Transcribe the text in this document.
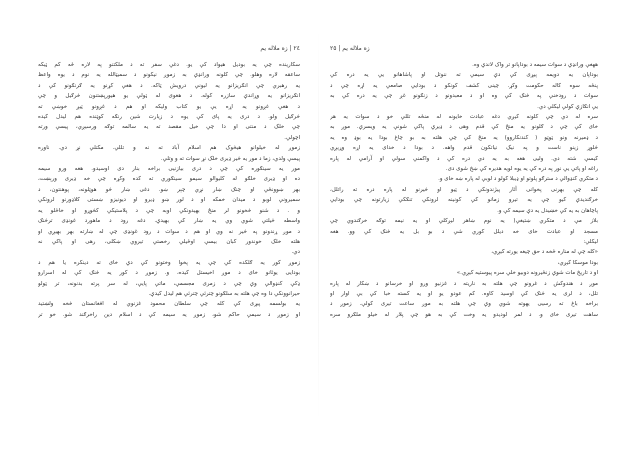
٢٤ | زه ملاله یم

سکارینده چې یه بودیل هیواد کې یو. دغې سفر ته د ملکتنو په لاره ځه کم ټیکه

ساعقه لاره وهلو. چې کلونه ورانډې به زموږ نیکونو د سمیټالله یه نوم د یوه واعظ

یه رهبري چې انګریزانو یه لیوني درویش ټاکه. د هغې کړنو یه ګرنګونو کې د

انګریزانو یه وړاندې سازره کوله. د هغوی له ټولې یو هیورپښتنون څرګیل و چې

د هغې غږونو یه اړه یې یو کتاب ولیکه او هم د غږونو ټیږ خوښي ته

څرګیل ولو. د دری یه پای کې یوه د زیارت شین رنګه کوټنده هم لیدل کیده

چې خلک د منتی او دا چې خیل مقصد ته یه سالمه توګه ورسیږي، پیسې ورته

اچولې.

زموږ له خیلوانو هیڅوک هم اسلام آباد ته نه و تللي. مکتلي نړ دي. ناوره

پیسې ولدي، زما د مور یه څیر ډیری خلک نړ سوات ته و وتلي.

مور یه سینګوره کې چې د دری بیازنیی براخه بنار دی اوسیدو. هغه ورو سیمه

ده او ډیری خلګو له کلیوالو سیمو سینګوري ته کده وکړه چې خه ډیری ورېښت،

بهر ښوونځي او چنګ ښار نړي چېر ښو. دغی ښار څو هوټلونه، پوهنتون، د

سمیرونې لوبو د میدان خمکه او د لور ښو ډیرو او دیونیزو ښستی کلاډورنو لرونکي

و . د شنو څخونو لر منځ بهیدونکي اوبه چې د پلاستیکي کڅوړو او خاځلو یه

واسطه څیلتي شوي وي یه ښار کې بهیدې. دغه رود د ماهورد غونډی ترڅنګ

د موږ ړندونو په څیر نه وي او هم د سوات د رود غونډی چې له ښارته بهر بهیږي او

هلته خلک خوندور کبان بیسې اوځیلي رخصتي تیروي ښکلی، رهی او پاکي نه

دي.

زموږ کور یه ګلکده کې چې یه پخوا وختونو کې دې خای ته دینکره یا هم د

بودایی یوثانو خای د موږ اخیستل کیده، و. زموږ د کور یه څنګ کې له اسرارو

ډکې کنډوالې وې چې د زمری مجسمې، ماتې پایې، له سر پرته بدنونه، تر ټولو

حیرانوونکي دا وه چې هلته به سلګونو چترئي چترئي هم لیدل کیدې.

یه بولسمه پیړی کې کله چې سلطان محمود غزنوي له افغانستان څخه ولښتید

او زموږ د سیمې حاکم شو، زموږ یه سیمه کې د اسلام دین راخرګند شو. خو تر

زه ملاله یم | ٢٥

ههغې ورانډې د سوات سیمه د بوداپانو تر واک لاندې وه.

بوداپان یه دویمه پیړی کې دې سیمې ته ننوتل او پاشاهانو یې یه دره کې

پنځه سوه کاله حکومت وکړ. چینی کشف کونکو د بودايي صامعي یه اړه چې د

سوات د رودخنې په څنګ کې وه او د معبدونو د زنګونو غږ چې یه دره کې به

یې انګازې کولې لیکلي دي.

سره له دي چې کلونه کیږي دغه عبادت خايونه له منځه تللي خو د سوات یه هر

خای کې چې د ګلونو یه منځ کې قدم وهی د ډیرې پاکې شونې یه ویسرې. موږ به

د ډمیرنه ونو ټوټو ( کندنکاروو) یه منځ کې چې هلته به بو چاغ بودا یه بوډ وه یه

څلوړ زینو ناست و په نیک نیاتکون قدم واهه. د بودا د خدای یه اړه وړیږي

کیسې شته دي. ولیی هغه به یه دي دره کې د واکمني سولي او آرامي له پاره

راغه او پاتي یې نور په دره کې یه یوه لویه هدیره کې ښخ شوی دی.

د متکري کنډوالي د سترګو پلوتو او ډیبلا کولو د لوبې له پاره ښه خای و.

کله چې بهرنی پخوانی آثار پیژندونکي د ټیو او څیرنو له پاره دره ته راتلل،

خرګندیدې کیو چې یه تیرو زمانو کې کونینه لرونکي تنګکي زیارتونه چې بودایي

پاچاهان به یه کې خښیدل یه دې سیمه کې و.

بلاز مې د متکري ښتیغي( یه نوم ښاهر لیږکلي او یه نیمه توګه خرګندوي چې

مسجد او عبادت خای خه دیلل کوري شي د بو بل یه څنګ کې وو. هغه

لیکلي:

«کله چې له مناره ځخه د حق چیغه یورته کیږي،

بودا موسکا کیږي،

او د تاریخ مات شوې زنځیرونه دوبیو خلې سره پیوستیه کیږي.»

موږ د هندوکش د غرونو چې هلته به ناریته د غزنیو ورو او خرسانو د ښکار له پاره

تلل، د لری یه څنګ کې اوسید کاوه. کم عودو یو او یه کسته خبا کې بې اوار او

براخه باغ ته رسیی یهوته شوي وې چې هلته به موږ ساعت تیری کولې. زموږ د

ساهت تیری خای و. د لمر لودیدو یه وخت کې به هو چې پلار له خیلو ملګرو سره
